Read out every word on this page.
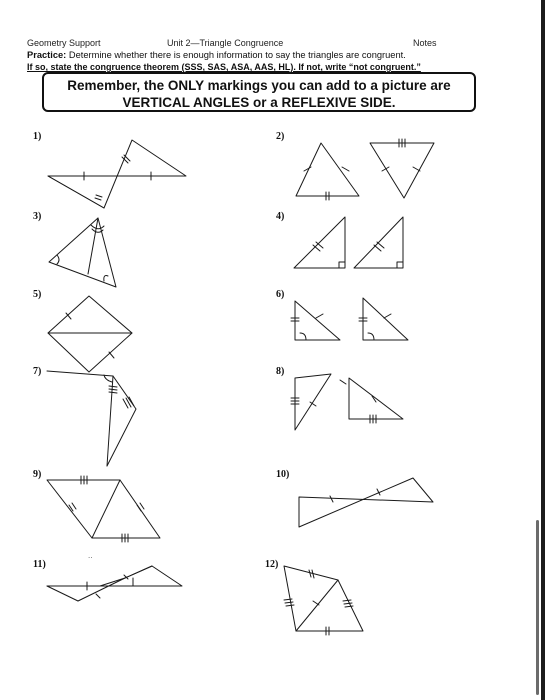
Geometry Support	Unit 2—Triangle Congruence	Notes
Practice: Determine whether there is enough information to say the triangles are congruent.
If so, state the congruence theorem (SSS, SAS, ASA, AAS, HL). If not, write “not congruent.”
Remember, the ONLY markings you can add to a picture are
VERTICAL ANGLES or a REFLEXIVE SIDE.
1)	2)
3)	4)
5)	6)
7)	8)
9)	10)
11)	12)
..
